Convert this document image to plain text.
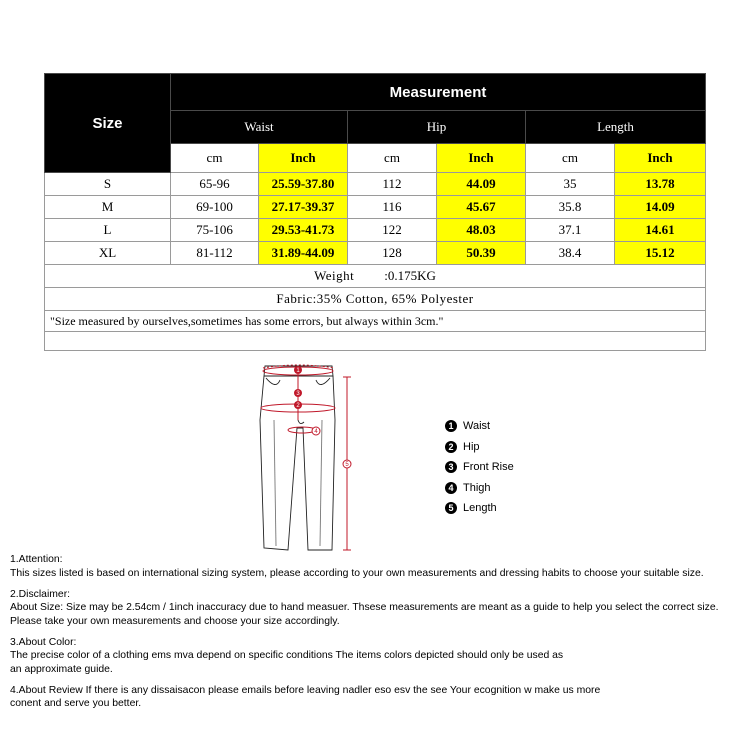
Size	Measurement					
	Waist		Hip		Length	
	cm	Inch	cm	Inch	cm	Inch
S	65-96	25.59-37.80	112	44.09	35	13.78
M	69-100	27.17-39.37	116	45.67	35.8	14.09
L	75-106	29.53-41.73	122	48.03	37.1	14.61
XL	81-112	31.89-44.09	128	50.39	38.4	15.12
Weight :0.175KG						
Fabric:35% Cotton, 65% Polyester						
"Size measured by ourselves,sometimes has some errors, but always within 3cm."						

1
2
3
4
5
1 Waist
2 Hip
3 Front Rise
4 Thigh
5 Length
1.Attention:
This sizes listed is based on international sizing system, please according to your own measurements and dressing habits to choose your suitable size.
2.Disclaimer:
About Size: Size may be 2.54cm / 1inch inaccuracy due to hand measuer. Thsese measurements are meant as a guide to help you select the correct size.
Please take your own measurements and choose your size accordingly.
3.About Color:
The precise color of a clothing ems mva depend on specific conditions The items colors depicted should only be used as
an approximate guide.
4.About Review If there is any dissaisacon please emails before leaving nadler eso esv the see Your ecognition w make us more
conent and serve you better.
